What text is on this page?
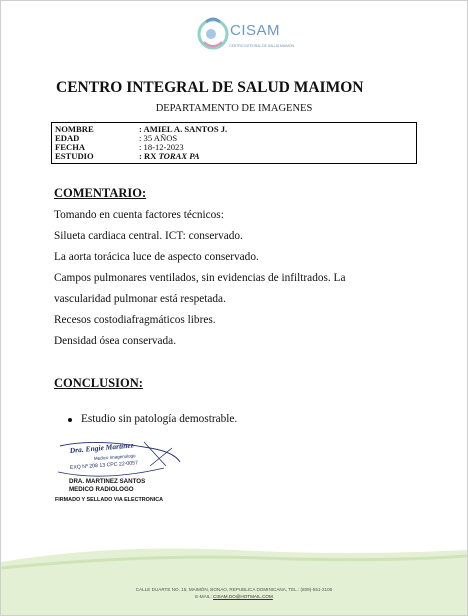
CISAM
CENTRO INTEGRAL DE SALUD MAIMON
CENTRO INTEGRAL DE SALUD MAIMON
DEPARTAMENTO DE IMAGENES
NOMBRE	: AMIEL A. SANTOS J.
EDAD	: 35 AÑOS
FECHA	: 18-12-2023
ESTUDIO	: RX TORAX PA
COMENTARIO:
Tomando en cuenta factores técnicos:
Silueta cardiaca central. ICT: conservado.
La aorta torácica luce de aspecto conservado.
Campos pulmonares ventilados, sin evidencias de infiltrados. La
vascularidad pulmonar está respetada.
Recesos costodiafragmáticos libres.
Densidad ósea conservada.
CONCLUSION:
Estudio sin patología demostrable.
Dra. Engie Martinez
Medico Imagenologo
EXQ Nº 208 13 CPC 22-0057
DRA. MARTINEZ SANTOS
MEDICO RADIOLOGO
FIRMADO Y SELLADO VIA ELECTRONICA
CALLE DUARTE NO. 15, MAIMÓN, BONAO, REPUBLICA DOMINICANA, TEL.: (809)-551-2106
E-MAIL: CISAM.DO@HOTMAIL.COM
